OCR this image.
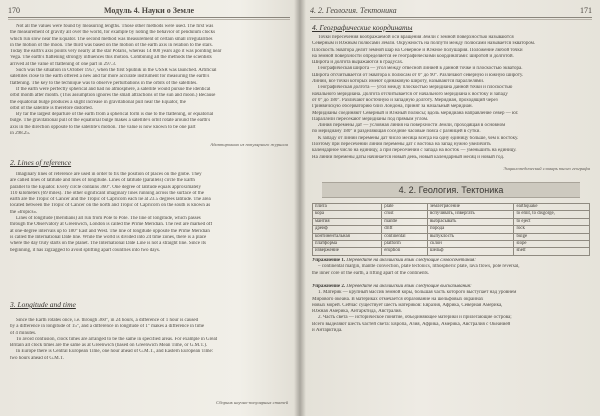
170	Модуль 4. Науки о Земле
Not all the values were found by measuring lengths. Those other methods were used. The first was
the measurement of gravity all over the world, for example by noting the behavior of pendulum clocks
which run slow near the Equator. The second method was measurement of certain small irregularities
in the motion of the moon. The third was based on the motion of the earth axis in relation to the stars.
Today the earth's axis points very nearly at the star Polaris, whereas 14 000 years ago it was pointing near
Vega. The earth's flattening strongly influences this motion. Combining all the methods the scientists
arrived at the value of flattening of one part in 297.3.
Such was the situation in October 1957, when the first Sputnik in the USSR was launched. Artificial
satellites close to the earth offered a new and far more accurate instrument for measuring the earth's
flattening. The key to the technique was to observe perturbations in the orbits of the satellites.
If the earth were perfectly spherical and had no atmosphere, a satellite would pursue the identical
orbit month after month. (This assumption ignores the small attractions of the sun and moon.) Because
the equatorial bulge produces a slight increase in gravitational pull near the Equator, the
orbit of the satellite is therefore distorted.
By far the largest departure of the earth from a spherical form is due to the flattening, or equatorial
bulge. The gravitational pull of the equatorial bulge makes a satellite's orbit rotate around the earth's
axis in the direction opposite to the satellite's motion. The value is now known to be one part
in 298.25.
Адаптировано из популярного журнала
2. Lines of reference
Imaginary lines of reference are used in order to fix the position of places on the globe. They
are called lines of latitude and lines of longitude. Lines of latitude (parallels) circle the Earth
parallel to the Equator. Every circle contains 360°. One degree of latitude equals approximately
110 kilometers (69 miles). The other significant imaginary lines running across the surface of the
earth are the Tropic of Cancer and the Tropic of Capricorn each lie at 23.5 degrees latitude. The area
located between the Tropic of Cancer on the north and Tropic of Capricorn on the south is known as
the «tropics».
Lines of longitude (meridians) all run from Pole to Pole. The line of longitude, which passes
through the Observatory at Greenwich, London is called the Prime Meridian. The rest are marked off
at one-degree intervals up to 180° East and West. The line of longitude opposite the Prime Meridian
is called the International Date line. While the world is divided into 24 time zones, there is a place
where the day truly starts on the planet. The International Date Line is not a straight line. Since its
beginning, it has zigzagged to avoid splitting apart countries into two days.
3. Longitude and time
Since the Earth rotates once, i.e. through 360°, in 24 hours, a difference of 1 hour is caused
by a difference in longitude of 15°, and a difference in longitude of 1° makes a difference in time
of 4 minutes.
To avoid confusion, clock times are arranged to be the same in specified areas. For example in Great
Britain all clock times are the same as at Greenwich (based on Greenwich Mean Time, or G.M.T.).
In Europe there is Central European Time, one hour ahead of G.M.T., and Eastern European Time:
two hours ahead of G.M.T.
Сборник научно-популярных статей
4. 2. Геология. Тектоника	171
4. Географические координаты
Точки пересечения воображаемой оси вращения Земли с земной поверхностью называются
Северным и Южным полюсами Земли. Окружность на полпути между полюсами называется экватором.
Плоскость экватора делит земной шар на Северное и Южное полушария. Положение любой точки
на земной поверхности определяется её географическими координатами: широтой и долготой.
Широта и долгота выражаются в градусах.
Географическая широта — угол между отвесной линией в данной точке и плоскостью экватора.
Широта отсчитывается от экватора к полюсам от 0° до 90°. Различают северную и южную широту.
Линии, все точки которых имеют одинаковую широту, называются параллелями.
Географическая долгота — угол между плоскостью меридиана данной точки и плоскостью
начального меридиана. Долгота отсчитывается от начального меридиана к востоку и западу
от 0° до 180°. Различают восточную и западную долготу. Меридиан, проходящий через
Гринвичскую обсерваторию близ Лондона, принят за начальный меридиан.
Меридианы соединяют Северный и Южный полюсы; вдоль меридиана направление север — юг.
Параллели пересекают меридианы под прямым углом.
Линия перемены дат — условная линия на поверхности Земли, проходящая в основном
по меридиану 180° и разделяющая соседние часовые пояса с разницей в сутки.
К западу от линии перемены дат число месяца всегда на одну единицу больше, чем к востоку.
Поэтому при пересечении линии перемены дат с востока на запад нужно увеличить
календарное число на единицу, а при пересечении с запада на восток — уменьшить на единицу.
На линии перемены даты начинается новый день, новый календарный месяц и новый год.
Энциклопедический словарь юного географа
4. 2. Геология. Тектоника
плита	plate	землетрясение	earthquake
кора	crust	вспучивать, извергать	to emit, to disgorge,
мантия	mantle	выбрасывать	to eject
дрейф	drift	порода	rock
континентальная	continental	выпуклость	bulge
платформа	platform	склон	slope
извержение	eruption	шельф	shelf
Упражнение 1. Переведите на английский язык следующие словосочетания:
– continental margin, mantle convection, plate tectonics, lithospheric plate, lava flows, pole reversal,
the inner core of the earth, a rifting apart of the continents.
Упражнение 2. Переведите на английский язык следующие высказывания:
1. Материк — крупный массив земной коры, большая часть которого выступает над уровнем
Мирового океана. В материках отмечается образование на шельфовых окраинах
новых морей. Сейчас существует шесть материков: Евразия, Африка, Северная Америка,
Южная Америка, Антарктида, Австралия.
2. Часть света — историческое понятие, объединяющее материки и прилегающие острова;
Всего выделяют шесть частей света: Европа, Азия, Африка, Америка, Австралия с Океанией
и Антарктида.
